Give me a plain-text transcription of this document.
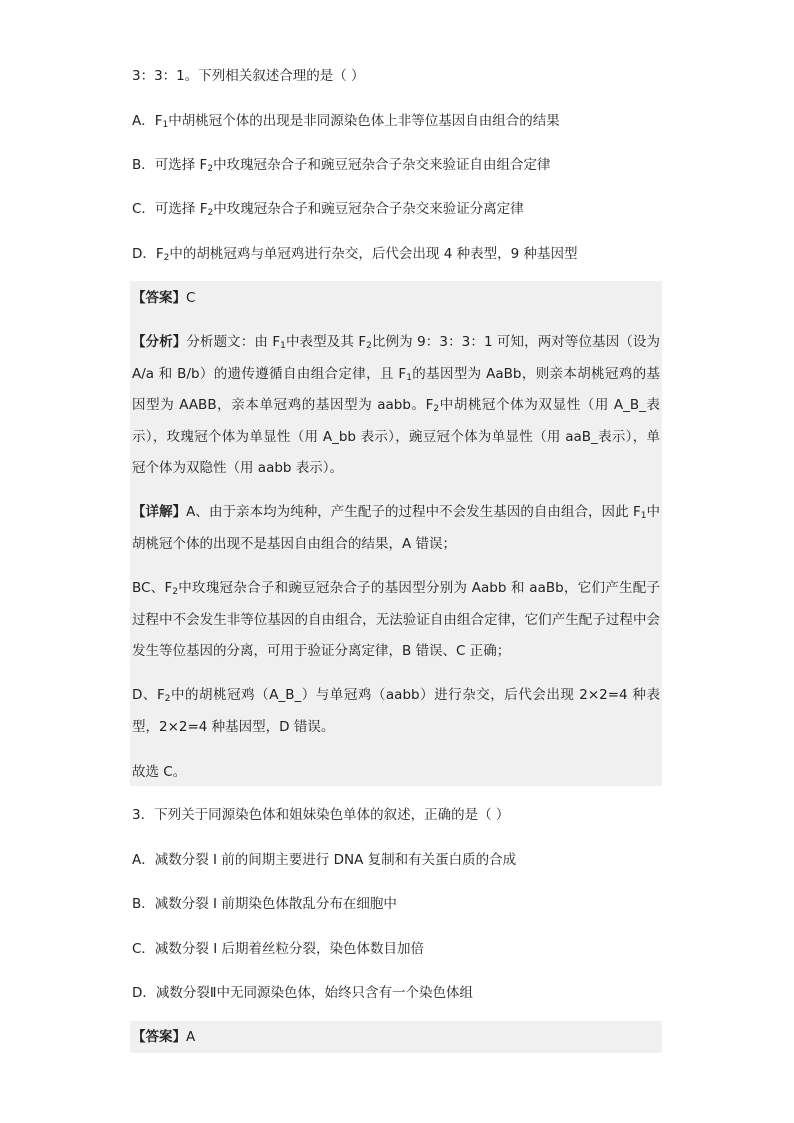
3：3：1。下列相关叙述合理的是（ ）
A．$F_1$中胡桃冠个体的出现是非同源染色体上非等位基因自由组合的结果
B．可选择 $F_2$中玫瑰冠杂合子和豌豆冠杂合子杂交来验证自由组合定律
C．可选择 $F_2$中玫瑰冠杂合子和豌豆冠杂合子杂交来验证分离定律
D．$F_2$中的胡桃冠鸡与单冠鸡进行杂交，后代会出现 4 种表型，9 种基因型
【答案】C

【分析】分析题文：由 $F_1$中表型及其 $F_2$比例为 9：3：3：1 可知，两对等位基因（设为 A/a 和 B/b）的遗传遵循自由组合定律，且 $F_1$的基因型为 AaBb，则亲本胡桃冠鸡的基因型为 AABB，亲本单冠鸡的基因型为 aabb。$F_2$中胡桃冠个体为双显性（用 A_B_表示），玫瑰冠个体为单显性（用 A_bb 表示），豌豆冠个体为单显性（用 aaB_表示），单冠个体为双隐性（用 aabb 表示）。

【详解】A、由于亲本均为纯种，产生配子的过程中不会发生基因的自由组合，因此 $F_1$中胡桃冠个体的出现不是基因自由组合的结果，A 错误；

BC、$F_2$中玫瑰冠杂合子和豌豆冠杂合子的基因型分别为 Aabb 和 aaBb，它们产生配子过程中不会发生非等位基因的自由组合，无法验证自由组合定律，它们产生配子过程中会发生等位基因的分离，可用于验证分离定律，B 错误、C 正确；

D、$F_2$中的胡桃冠鸡（A_B_）与单冠鸡（aabb）进行杂交，后代会出现 2×2=4 种表型，2×2=4 种基因型，D 错误。

故选 C。
3．下列关于同源染色体和姐妹染色单体的叙述，正确的是（ ）
A．减数分裂 I 前的间期主要进行 DNA 复制和有关蛋白质的合成
B．减数分裂 I 前期染色体散乱分布在细胞中
C．减数分裂 I 后期着丝粒分裂，染色体数目加倍
D．减数分裂Ⅱ中无同源染色体，始终只含有一个染色体组
【答案】A
